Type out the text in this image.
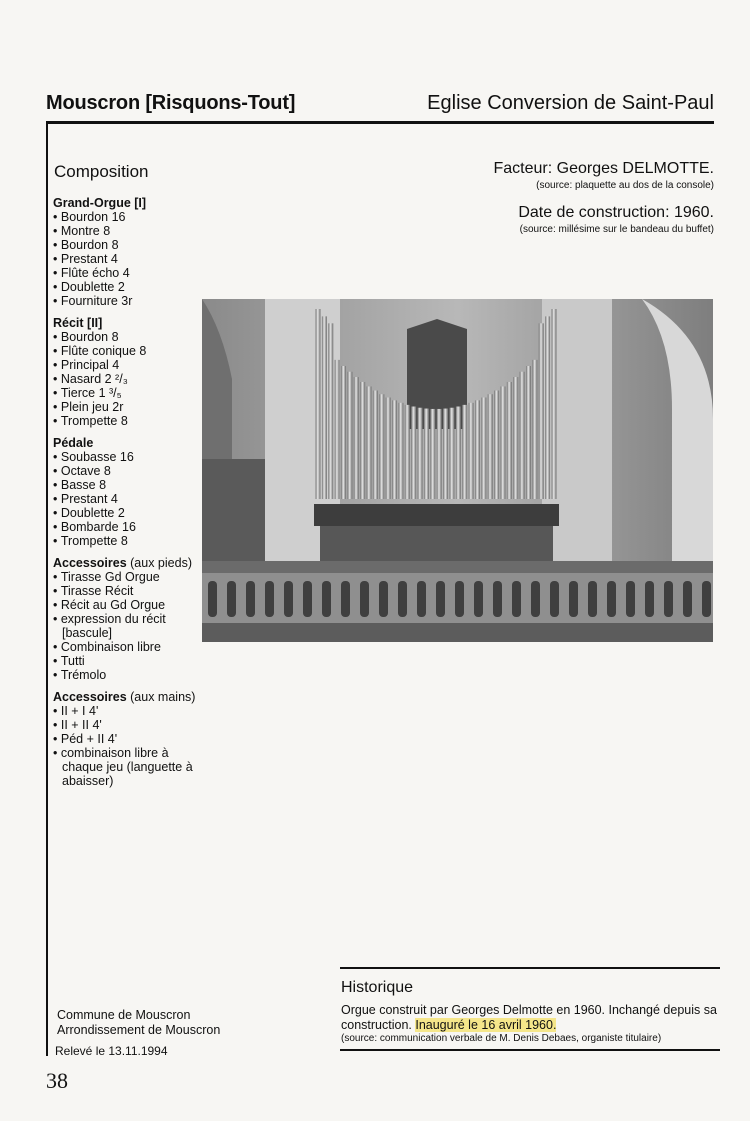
Mouscron [Risquons-Tout]	Eglise Conversion de Saint-Paul
Composition
Grand-Orgue [I]
• Bourdon 16
• Montre 8
• Bourdon 8
• Prestant 4
• Flûte écho 4
• Doublette 2
• Fourniture 3r
Récit [II]
• Bourdon 8
• Flûte conique 8
• Principal 4
• Nasard 2 ²/₃
• Tierce 1 ³/₅
• Plein jeu 2r
• Trompette 8
Pédale
• Soubasse 16
• Octave 8
• Basse 8
• Prestant 4
• Doublette 2
• Bombarde 16
• Trompette 8
Accessoires (aux pieds)
• Tirasse Gd Orgue
• Tirasse Récit
• Récit au Gd Orgue
• expression du récit [bascule]
• Combinaison libre
• Tutti
• Trémolo
Accessoires (aux mains)
• II + I 4'
• II + II 4'
• Péd + II 4'
• combinaison libre à chaque jeu (languette à abaisser)
Facteur: Georges DELMOTTE.
(source: plaquette au dos de la console)
Date de construction: 1960.
(source: millésime sur le bandeau du buffet)
Historique
Orgue construit par Georges Delmotte en 1960. Inchangé depuis sa construction. Inauguré le 16 avril 1960.
(source: communication verbale de M. Denis Debaes, organiste titulaire)
Commune de Mouscron
Arrondissement de Mouscron
Relevé le 13.11.1994
38
